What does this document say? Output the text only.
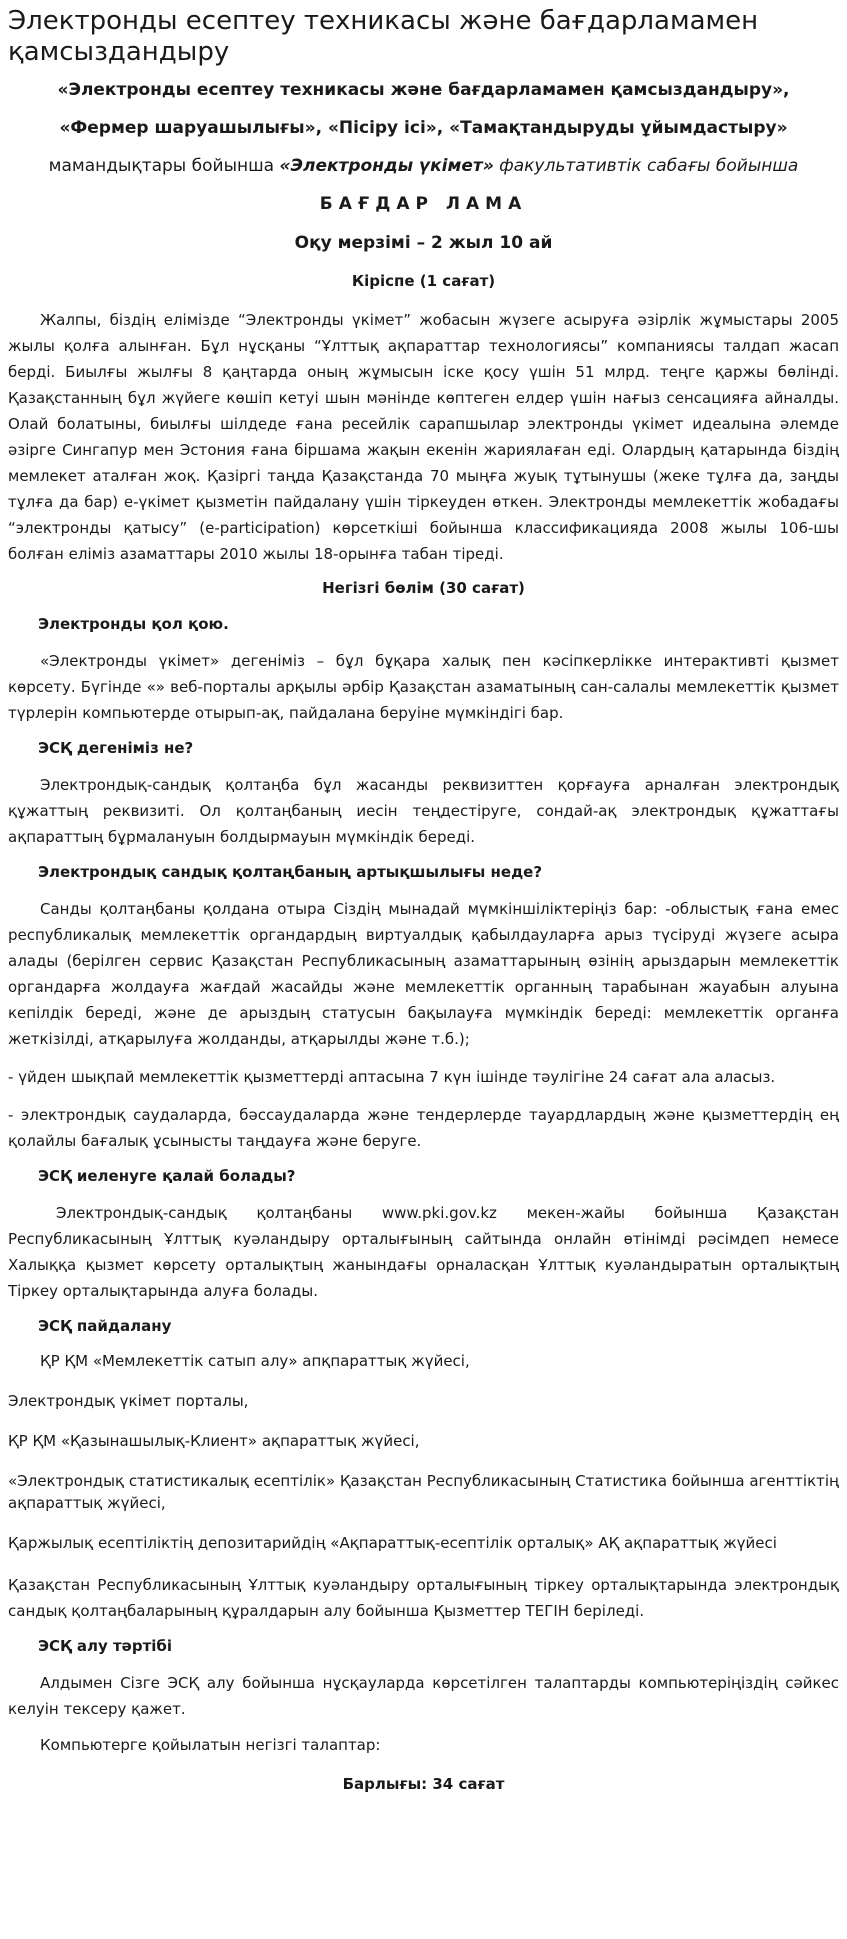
Электронды есептеу техникасы және бағдарламамен қамсыздандыру
«Электронды есептеу техникасы және бағдарламамен қамсыздандыру»,
«Фермер шаруашылығы», «Пісіру ісі», «Тамақтандыруды ұйымдастыру»
мамандықтары бойынша «Электронды үкімет» факультативтік сабағы бойынша
БАҒДАР ЛАМА
Оқу мерзімі – 2 жыл 10 ай
Кіріспе (1 сағат)

Жалпы, біздің елімізде “Электронды үкімет” жобасын жүзеге асыруға әзірлік жұмыстары 2005 жылы қолға алынған. Бұл нұсқаны “Ұлттық ақпараттар технологиясы” компаниясы талдап жасап берді. Биылғы жылғы 8 қаңтарда оның жұмысын іске қосу үшін 51 млрд. теңге қаржы бөлінді. Қазақстанның бұл жүйеге көшіп кетуі шын мәнінде көптеген елдер үшін нағыз сенсацияға айналды. Олай болатыны, биылғы шілдеде ғана ресейлік сарапшылар электронды үкімет идеалына әлемде әзірге Сингапур мен Эстония ғана біршама жақын екенін жариялаған еді. Олардың қатарында біздің мемлекет аталған жоқ. Қазіргі таңда Қазақстанда 70 мыңға жуық тұтынушы (жеке тұлға да, заңды тұлға да бар) е-үкімет қызметін пайдалану үшін тіркеуден өткен. Электронды мемлекеттік жобадағы “электронды қатысу” (e-participation) көрсеткіші бойынша классификацияда 2008 жылы 106-шы болған еліміз азаматтары 2010 жылы 18-орынға табан тіреді.

Негізгі бөлім (30 сағат)
Электронды қол қою.

«Электронды үкімет» дегеніміз – бұл бұқара халық пен кәсіпкерлікке интерактивті қызмет көрсету. Бүгінде «» веб-порталы арқылы әрбір Қазақстан азаматының сан-салалы мемлекеттік қызмет түрлерін компьютерде отырып-ақ, пайдалана беруіне мүмкіндігі бар.

ЭСҚ дегеніміз не?

Электрондық-сандық қолтаңба бұл жасанды реквизиттен қорғауға арналған электрондық құжаттың реквизиті. Ол қолтаңбаның иесін теңдестіруге, сондай-ақ электрондық құжаттағы ақпараттың бұрмалануын болдырмауын мүмкіндік береді.

Электрондық сандық қолтаңбаның артықшылығы неде?

Санды қолтаңбаны қолдана отыра Сіздің мынадай мүмкіншіліктеріңіз бар: -облыстық ғана емес республикалық мемлекеттік органдардың виртуалдық қабылдауларға арыз түсіруді жүзеге асыра алады (берілген сервис Қазақстан Республикасының азаматтарының өзінің арыздарын мемлекеттік органдарға жолдауға жағдай жасайды және мемлекеттік органның тарабынан жауабын алуына кепілдік береді, және де арыздың статусын бақылауға мүмкіндік береді: мемлекеттік органға жеткізілді, атқарылуға жолданды, атқарылды және т.б.);

- үйден шықпай мемлекеттік қызметтерді аптасына 7 күн ішінде тәулігіне 24 сағат ала аласыз.

- электрондық саудаларда, бәссаудаларда және тендерлерде тауардлардың және қызметтердің ең қолайлы бағалық ұсынысты таңдауға және беруге.

ЭСҚ иеленуге қалай болады?

Электрондық-сандық қолтаңбаны www.pki.gov.kz мекен-жайы бойынша Қазақстан Республикасының Ұлттық куәландыру орталығының сайтында онлайн өтінімді рәсімдеп немесе Халыққа қызмет көрсету орталықтың жанындағы орналасқан Ұлттық куәландыратын орталықтың Тіркеу орталықтарында алуға болады.

ЭСҚ пайдалану

ҚР ҚМ «Мемлекеттік сатып алу» апқпараттық жүйесі,

Электрондық үкімет порталы,

ҚР ҚМ «Қазынашылық-Клиент» ақпараттық жүйесі,

«Электрондық статистикалық есептілік» Қазақстан Республикасының Статистика бойынша агенттіктің ақпараттық жүйесі,

Қаржылық есептіліктің депозитарийдің «Ақпараттық-есептілік орталық» АҚ ақпараттық жүйесі

Қазақстан Республикасының Ұлттық куәландыру орталығының тіркеу орталықтарында электрондық сандық қолтаңбаларының құралдарын алу бойынша Қызметтер ТЕГІН беріледі.

ЭСҚ алу тәртібі

Алдымен Сізге ЭСҚ алу бойынша нұсқауларда көрсетілген талаптарды компьютеріңіздің сәйкес келуін тексеру қажет.

Компьютерге қойылатын негізгі талаптар:

Барлығы: 34 сағат
